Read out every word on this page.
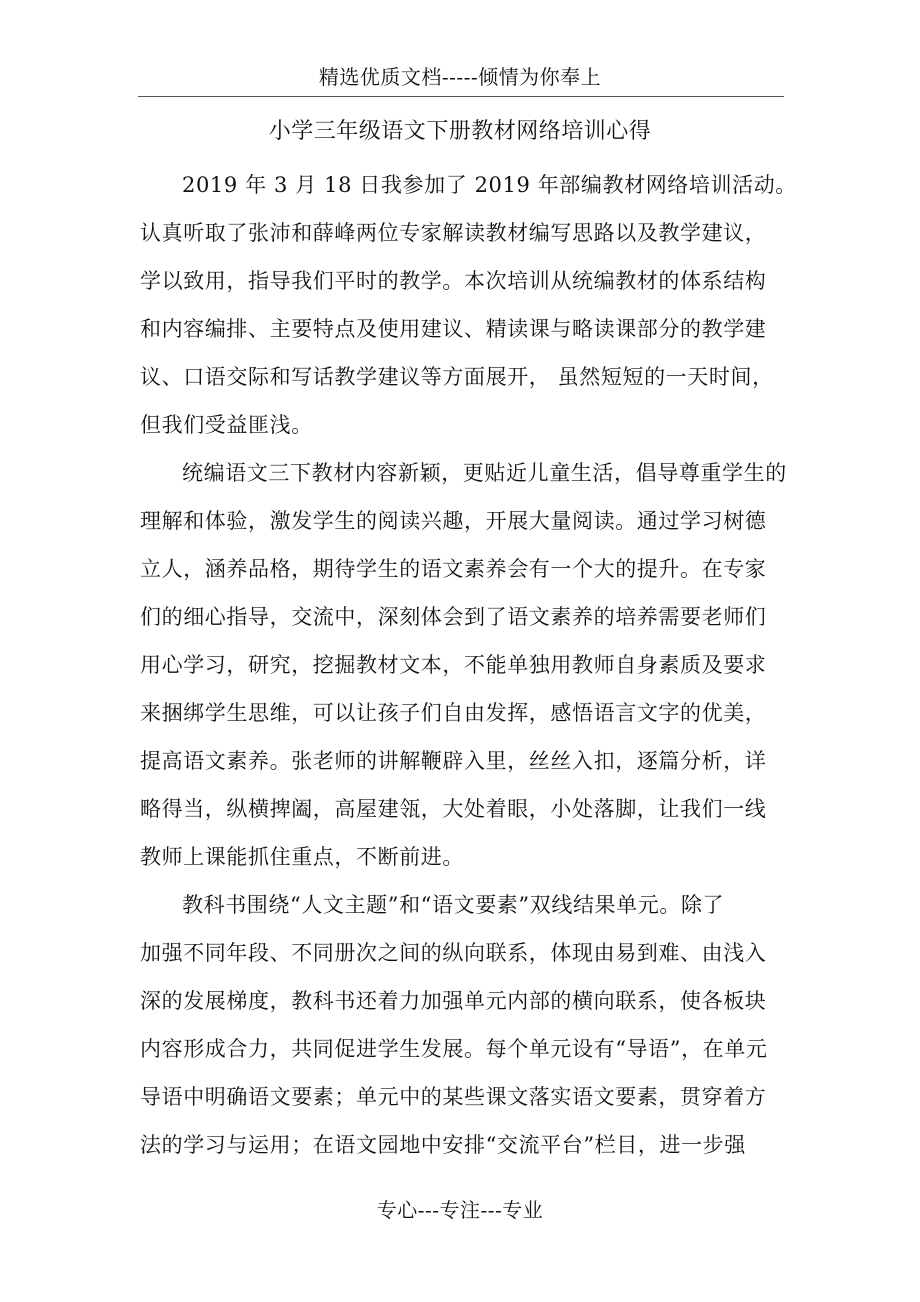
精选优质文档-----倾情为你奉上
小学三年级语文下册教材网络培训心得
2019 年 3 月 18 日我参加了 2019 年部编教材网络培训活动。
认真听取了张沛和薛峰两位专家解读教材编写思路以及教学建议，
学以致用，指导我们平时的教学。本次培训从统编教材的体系结构
和内容编排、主要特点及使用建议、精读课与略读课部分的教学建
议、口语交际和写话教学建议等方面展开， 虽然短短的一天时间，
但我们受益匪浅。
统编语文三下教材内容新颖，更贴近儿童生活，倡导尊重学生的
理解和体验，激发学生的阅读兴趣，开展大量阅读。通过学习树德
立人，涵养品格，期待学生的语文素养会有一个大的提升。在专家
们的细心指导，交流中，深刻体会到了语文素养的培养需要老师们
用心学习，研究，挖掘教材文本，不能单独用教师自身素质及要求
来捆绑学生思维，可以让孩子们自由发挥，感悟语言文字的优美，
提高语文素养。张老师的讲解鞭辟入里，丝丝入扣，逐篇分析，详
略得当，纵横捭阖，高屋建瓴，大处着眼，小处落脚，让我们一线
教师上课能抓住重点，不断前进。
教科书围绕“人文主题”和“语文要素”双线结果单元。除了
加强不同年段、不同册次之间的纵向联系，体现由易到难、由浅入
深的发展梯度，教科书还着力加强单元内部的横向联系，使各板块
内容形成合力，共同促进学生发展。每个单元设有“导语”，在单元
导语中明确语文要素；单元中的某些课文落实语文要素，贯穿着方
法的学习与运用；在语文园地中安排“交流平台”栏目，进一步强
专心---专注---专业
